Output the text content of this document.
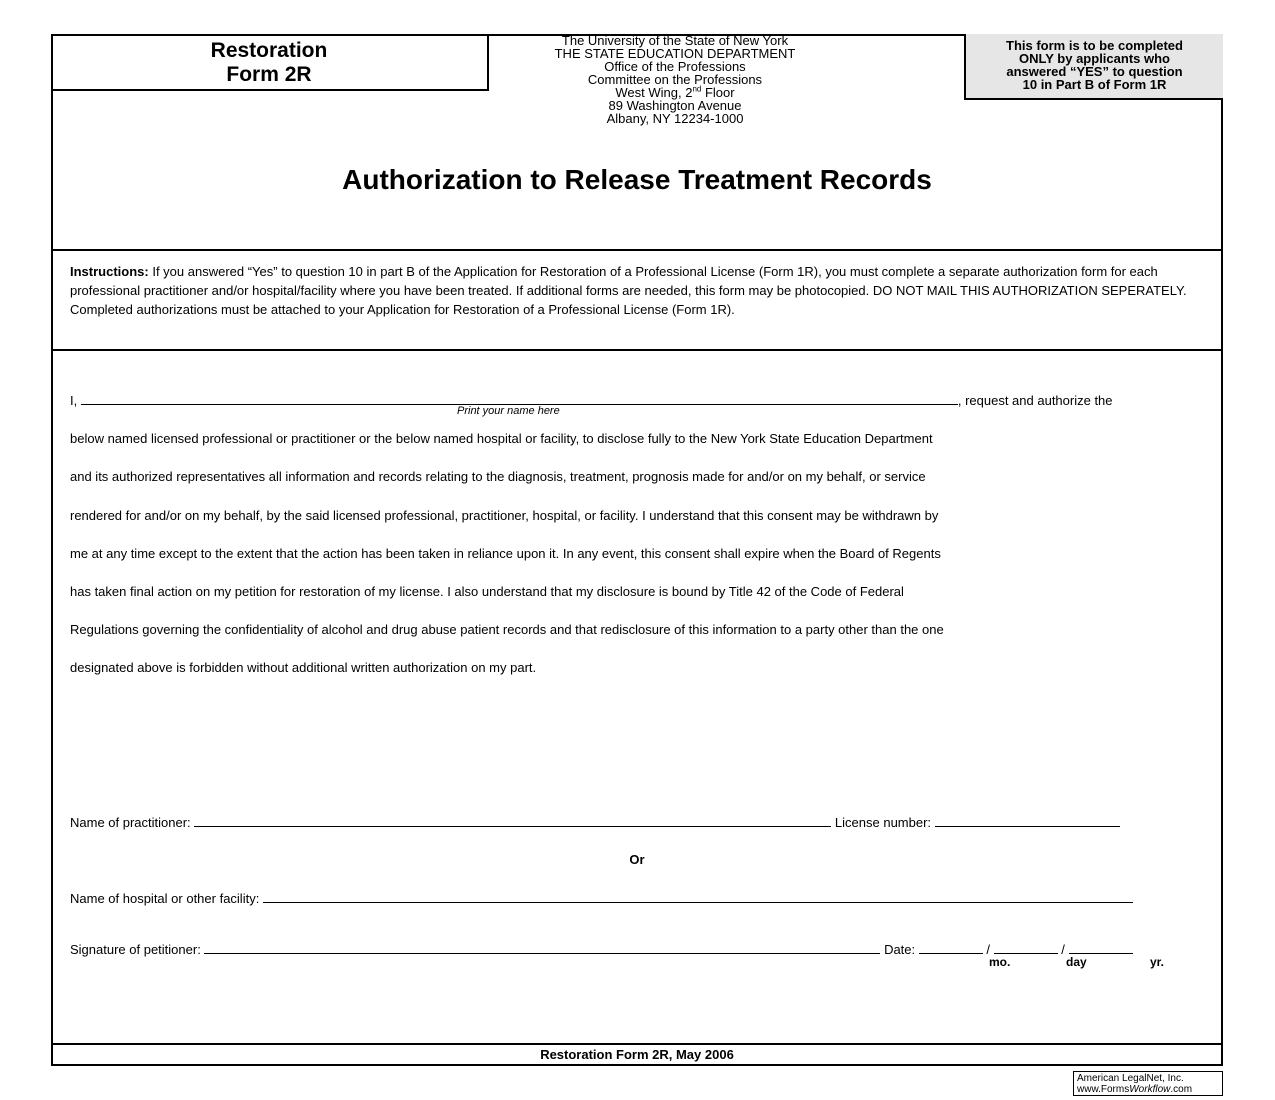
Restoration
Form 2R
The University of the State of New York
THE STATE EDUCATION DEPARTMENT
Office of the Professions
Committee on the Professions
West Wing, 2nd Floor
89 Washington Avenue
Albany, NY 12234-1000
This form is to be completed
ONLY by applicants who
answered “YES” to question
10 in Part B of Form 1R
Authorization to Release Treatment Records
Instructions: If you answered “Yes” to question 10 in part B of the Application for Restoration of a Professional License (Form 1R), you must complete a separate authorization form for each professional practitioner and/or hospital/facility where you have been treated. If additional forms are needed, this form may be photocopied. DO NOT MAIL THIS AUTHORIZATION SEPERATELY. Completed authorizations must be attached to your Application for Restoration of a Professional License (Form 1R).
I,	, request and authorize the
Print your name here
below named licensed professional or practitioner or the below named hospital or facility, to disclose fully to the New York State Education Department
and its authorized representatives all information and records relating to the diagnosis, treatment, prognosis made for and/or on my behalf, or service
rendered for and/or on my behalf, by the said licensed professional, practitioner, hospital, or facility. I understand that this consent may be withdrawn by
me at any time except to the extent that the action has been taken in reliance upon it. In any event, this consent shall expire when the Board of Regents
has taken final action on my petition for restoration of my license. I also understand that my disclosure is bound by Title 42 of the Code of Federal
Regulations governing the confidentiality of alcohol and drug abuse patient records and that redisclosure of this information to a party other than the one
designated above is forbidden without additional written authorization on my part.
Name of practitioner:	License number:
Or
Name of hospital or other facility:
Signature of petitioner:	Date:	/	/
mo.	day	yr.
Restoration Form 2R, May 2006
American LegalNet, Inc.
www.FormsWorkflow.com
